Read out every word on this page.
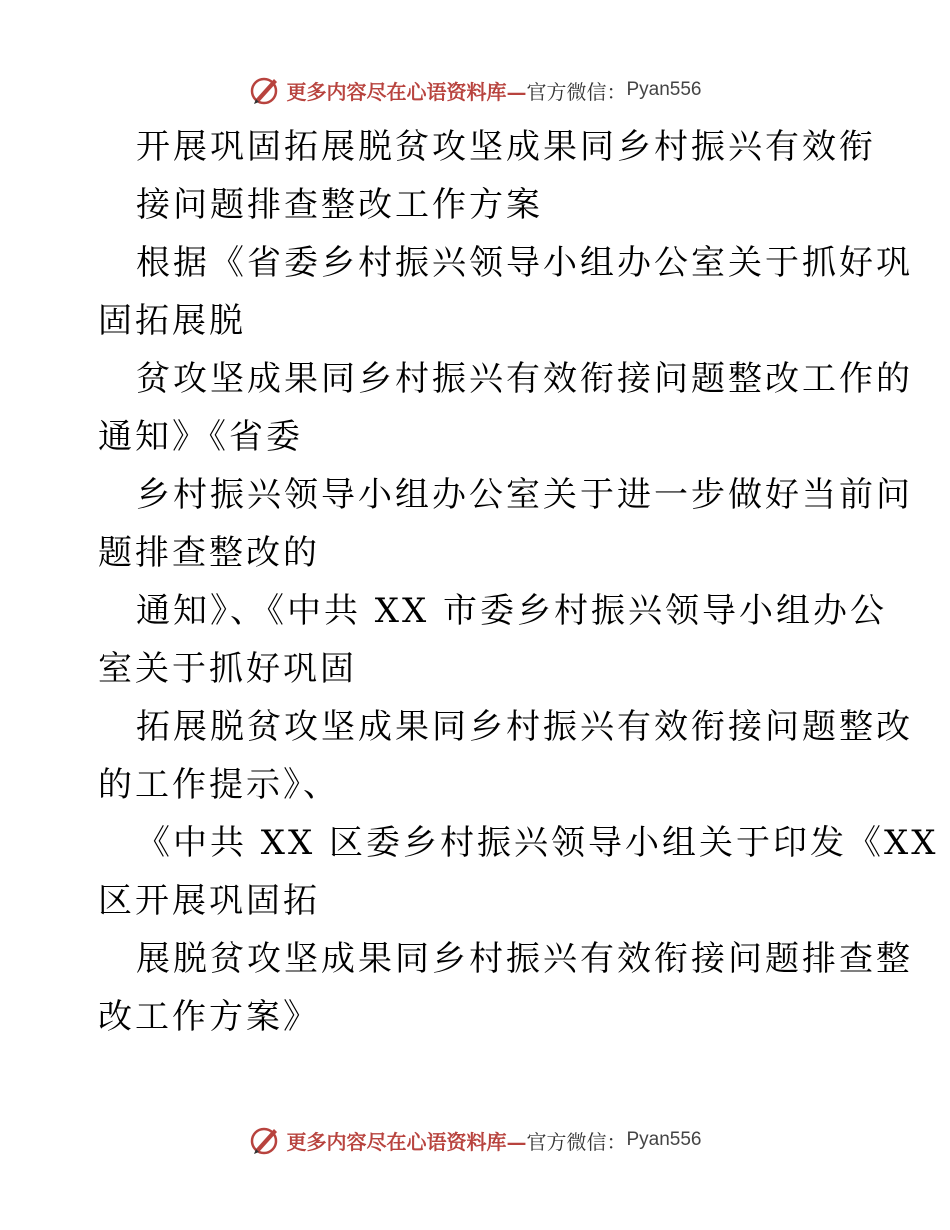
更多内容尽在心语资料库— 官方微信： Pyan556
开展巩固拓展脱贫攻坚成果同乡村振兴有效衔
接问题排查整改工作方案
根据《省委乡村振兴领导小组办公室关于抓好巩
固拓展脱
贫攻坚成果同乡村振兴有效衔接问题整改工作的
通知》《省委
乡村振兴领导小组办公室关于进一步做好当前问
题排查整改的
通知》、《中共 XX 市委乡村振兴领导小组办公
室关于抓好巩固
拓展脱贫攻坚成果同乡村振兴有效衔接问题整改
的工作提示》、
《中共 XX 区委乡村振兴领导小组关于印发《XX
区开展巩固拓
展脱贫攻坚成果同乡村振兴有效衔接问题排查整
改工作方案》
更多内容尽在心语资料库— 官方微信： Pyan556
